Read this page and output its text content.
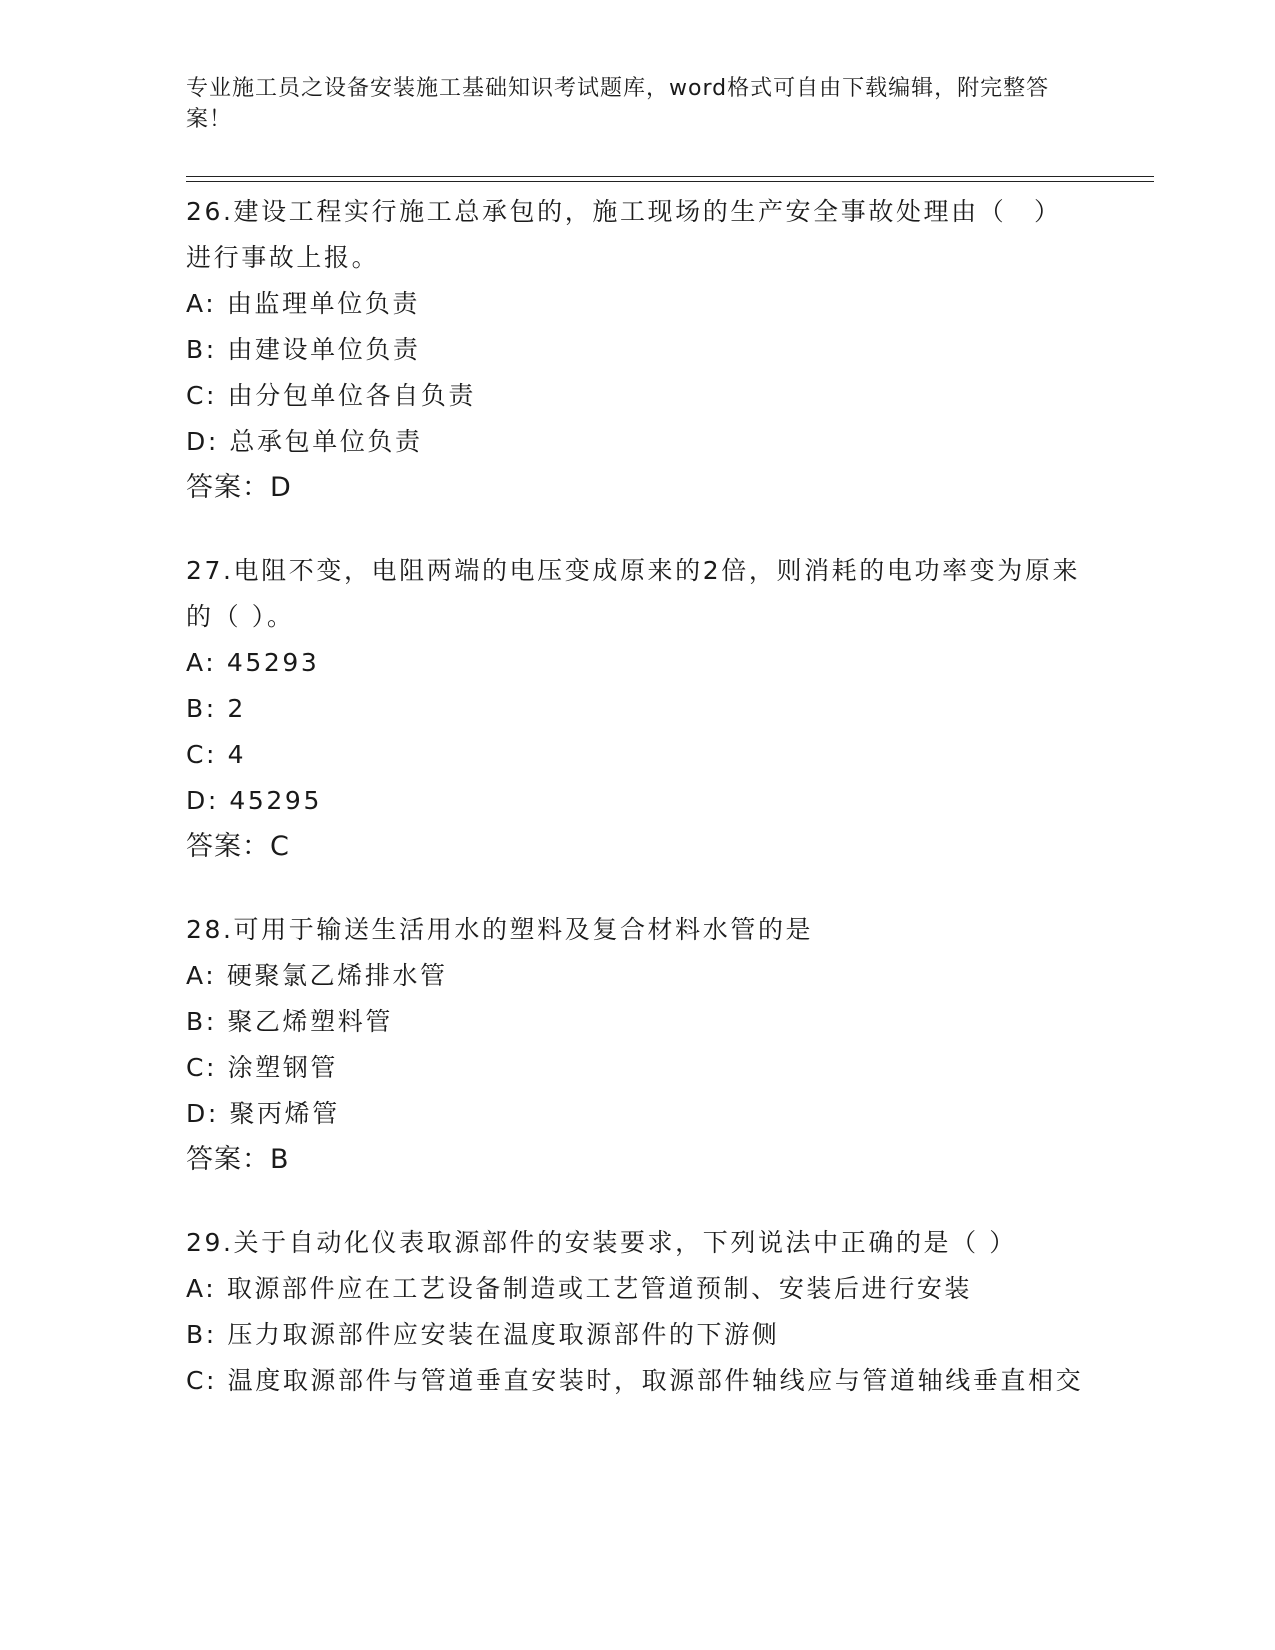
专业施工员之设备安装施工基础知识考试题库，word格式可自由下载编辑，附完整答案！

26.建设工程实行施工总承包的，施工现场的生产安全事故处理由（　）进行事故上报。

A: 由监理单位负责

B: 由建设单位负责

C: 由分包单位各自负责

D: 总承包单位负责

答案：D

27.电阻不变，电阻两端的电压变成原来的2倍，则消耗的电功率变为原来的（ ）。

A: 45293

B: 2

C: 4

D: 45295

答案：C

28.可用于输送生活用水的塑料及复合材料水管的是

A: 硬聚氯乙烯排水管

B: 聚乙烯塑料管

C: 涂塑钢管

D: 聚丙烯管

答案：B

29.关于自动化仪表取源部件的安装要求，下列说法中正确的是（ ）

A: 取源部件应在工艺设备制造或工艺管道预制、安装后进行安装

B: 压力取源部件应安装在温度取源部件的下游侧

C: 温度取源部件与管道垂直安装时，取源部件轴线应与管道轴线垂直相交
